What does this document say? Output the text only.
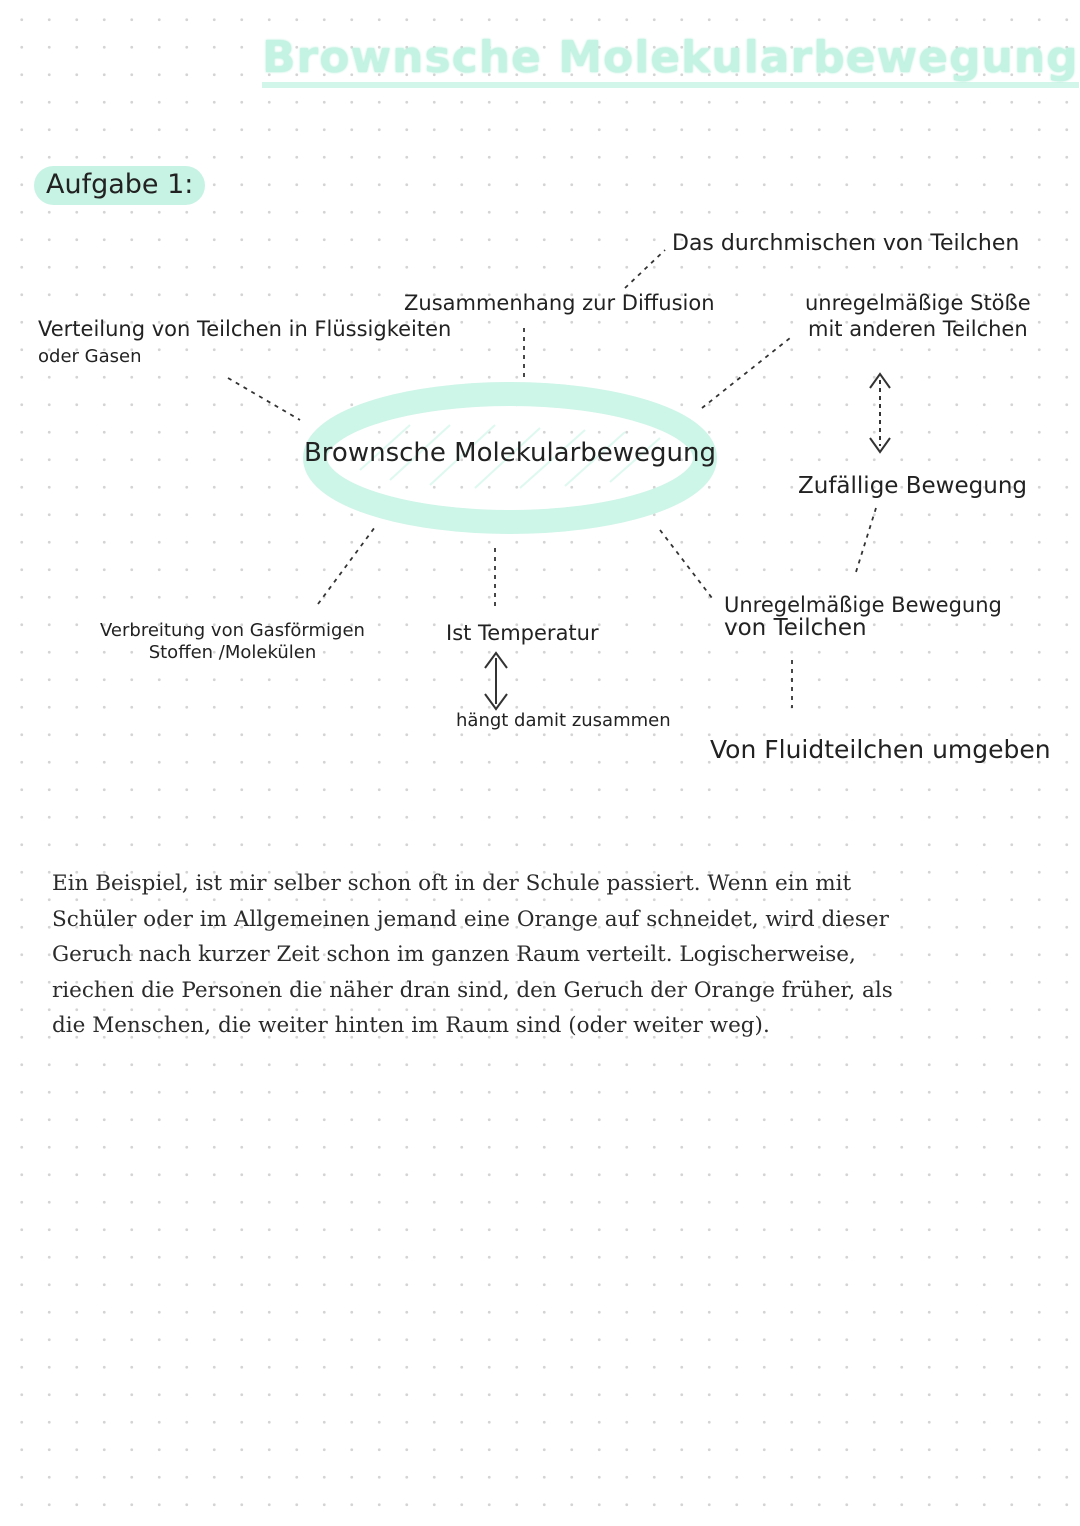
Brownsche Molekularbewegung
Aufgabe 1:
Brownsche Molekularbewegung
Verteilung von Teilchen in Flüssigkeiten
oder Gasen
Zusammenhang zur Diffusion
Das durchmischen von Teilchen
unregelmäßige Stöße
mit anderen Teilchen
Zufällige Bewegung
Unregelmäßige Bewegung
von Teilchen
Von Fluidteilchen umgeben
Ist Temperatur
hängt damit zusammen
Verbreitung von Gasförmigen
Stoffen /Molekülen

Ein Beispiel, ist mir selber schon oft in der Schule passiert. Wenn ein mit

Schüler oder im Allgemeinen jemand eine Orange auf schneidet, wird dieser

Geruch nach kurzer Zeit schon im ganzen Raum verteilt. Logischerweise,

riechen die Personen die näher dran sind, den Geruch der Orange früher, als

die Menschen, die weiter hinten im Raum sind (oder weiter weg).
